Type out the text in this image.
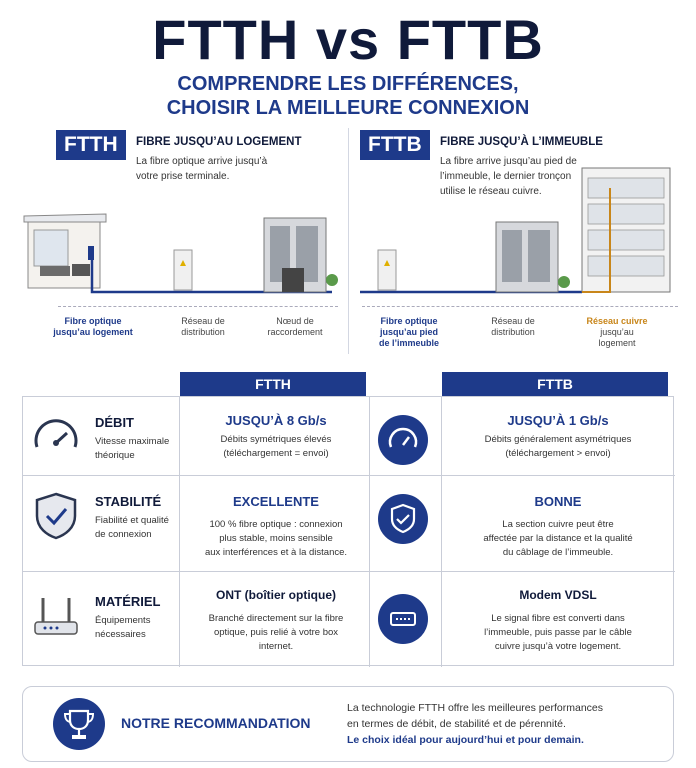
FTTH vs FTTB
COMPRENDRE LES DIFFÉRENCES,
CHOISIR LA MEILLEURE CONNEXION
FTTH	FIBRE JUSQU’AU LOGEMENT
La fibre optique arrive jusqu’à
votre prise terminale.
Fibre optique
jusqu’au logement
Réseau de
distribution
Nœud de
raccordement
FTTB	FIBRE JUSQU’À L’IMMEUBLE
La fibre arrive jusqu’au pied de
l’immeuble, le dernier tronçon
utilise le réseau cuivre.
Fibre optique
jusqu’au pied
de l’immeuble
Réseau de
distribution
Réseau cuivre
jusqu’au
logement
FTTH	FTTB
DÉBIT
Vitesse maximale
théorique
JUSQU’À 8 Gb/s
Débits symétriques élevés
(téléchargement = envoi)
JUSQU’À 1 Gb/s
Débits généralement asymétriques
(téléchargement > envoi)
STABILITÉ
Fiabilité et qualité
de connexion
EXCELLENTE
100 % fibre optique : connexion
plus stable, moins sensible
aux interférences et à la distance.
BONNE
La section cuivre peut être
affectée par la distance et la qualité
du câblage de l’immeuble.
MATÉRIEL
Équipements
nécessaires
ONT (boîtier optique)
Branché directement sur la fibre
optique, puis relié à votre box
internet.
Modem VDSL
Le signal fibre est converti dans
l’immeuble, puis passe par le câble
cuivre jusqu’à votre logement.
NOTRE RECOMMANDATION
La technologie FTTH offre les meilleures performances
en termes de débit, de stabilité et de pérennité.
Le choix idéal pour aujourd’hui et pour demain.
